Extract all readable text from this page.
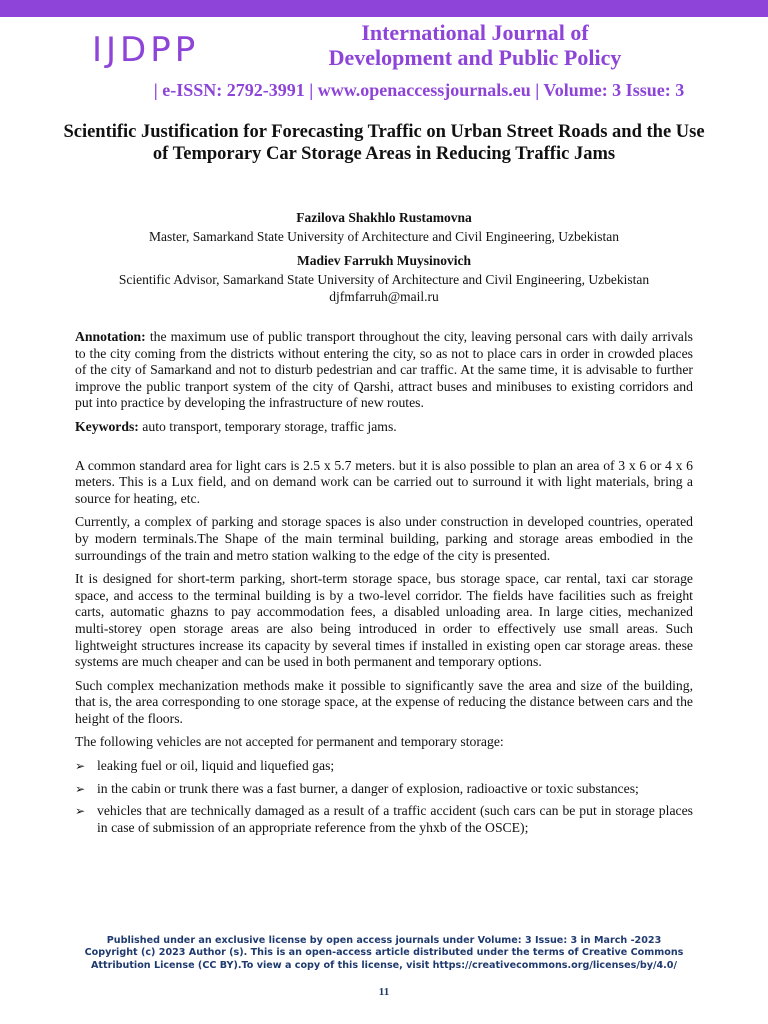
IJDPP	International Journal of
Development and Public Policy
| e-ISSN: 2792-3991 | www.openaccessjournals.eu | Volume: 3 Issue: 3
Scientific Justification for Forecasting Traffic on Urban Street Roads and the Use of Temporary Car Storage Areas in Reducing Traffic Jams
Fazilova Shakhlo Rustamovna
Master, Samarkand State University of Architecture and Civil Engineering, Uzbekistan
Madiev Farrukh Muysinovich
Scientific Advisor, Samarkand State University of Architecture and Civil Engineering, Uzbekistan
djfmfarruh@mail.ru

Annotation: the maximum use of public transport throughout the city, leaving personal cars with daily arrivals to the city coming from the districts without entering the city, so as not to place cars in order in crowded places of the city of Samarkand and not to disturb pedestrian and car traffic. At the same time, it is advisable to further improve the public tranport system of the city of Qarshi, attract buses and minibuses to existing corridors and put into practice by developing the infrastructure of new routes.

Keywords: auto transport, temporary storage, traffic jams.

A common standard area for light cars is 2.5 x 5.7 meters. but it is also possible to plan an area of 3 x 6 or 4 x 6 meters. This is a Lux field, and on demand work can be carried out to surround it with light materials, bring a source for heating, etc.

Currently, a complex of parking and storage spaces is also under construction in developed countries, operated by modern terminals.The Shape of the main terminal building, parking and storage areas embodied in the surroundings of the train and metro station walking to the edge of the city is presented.

It is designed for short-term parking, short-term storage space, bus storage space, car rental, taxi car storage space, and access to the terminal building is by a two-level corridor. The fields have facilities such as freight carts, automatic ghazns to pay accommodation fees, a disabled unloading area. In large cities, mechanized multi-storey open storage areas are also being introduced in order to effectively use small areas. Such lightweight structures increase its capacity by several times if installed in existing open car storage areas. these systems are much cheaper and can be used in both permanent and temporary options.

Such complex mechanization methods make it possible to significantly save the area and size of the building, that is, the area corresponding to one storage space, at the expense of reducing the distance between cars and the height of the floors.

The following vehicles are not accepted for permanent and temporary storage:

➢ leaking fuel or oil, liquid and liquefied gas;
➢ in the cabin or trunk there was a fast burner, a danger of explosion, radioactive or toxic substances;
➢ vehicles that are technically damaged as a result of a traffic accident (such cars can be put in storage places in case of submission of an appropriate reference from the yhxb of the OSCE);
Published under an exclusive license by open access journals under Volume: 3 Issue: 3 in March -2023
Copyright (c) 2023 Author (s). This is an open-access article distributed under the terms of Creative Commons
Attribution License (CC BY).To view a copy of this license, visit https://creativecommons.org/licenses/by/4.0/
11
